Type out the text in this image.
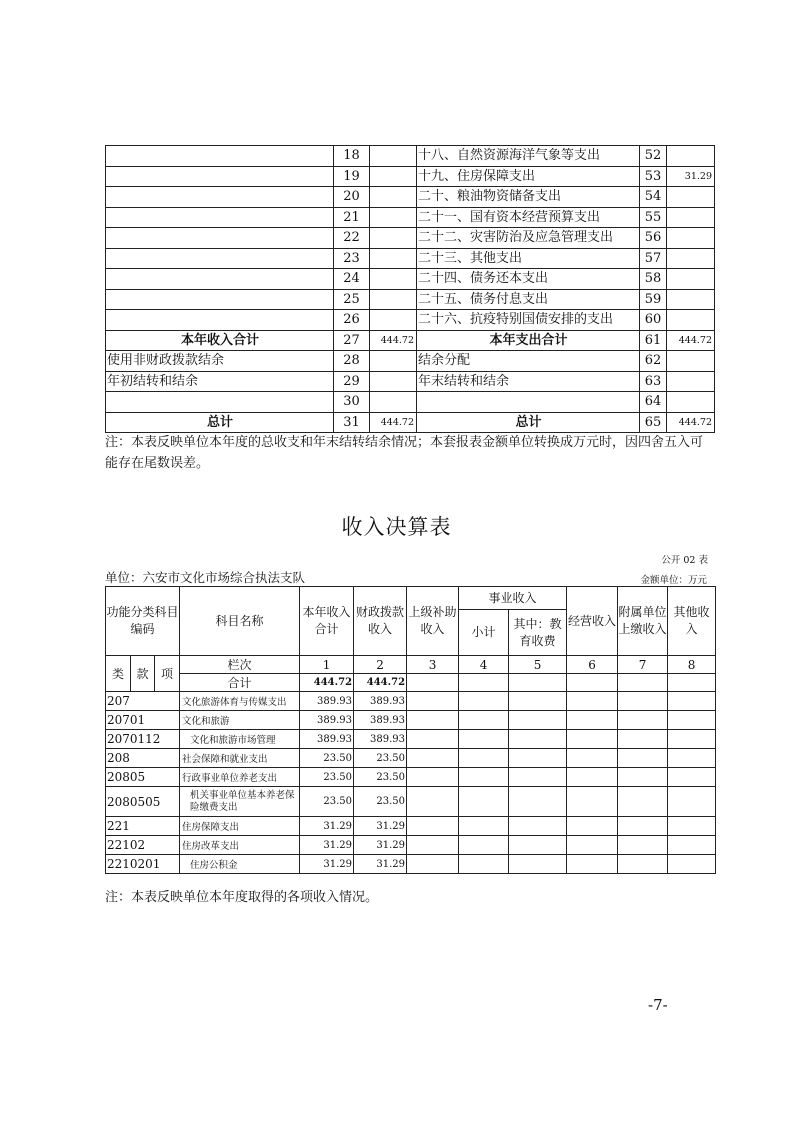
	18		十八、自然资源海洋气象等支出	52	
	19		十九、住房保障支出	53	31.29
	20		二十、粮油物资储备支出	54	
	21		二十一、国有资本经营预算支出	55	
	22		二十二、灾害防治及应急管理支出	56	
	23		二十三、其他支出	57	
	24		二十四、债务还本支出	58	
	25		二十五、债务付息支出	59	
	26		二十六、抗疫特别国债安排的支出	60	
本年收入合计	27	444.72	本年支出合计	61	444.72
使用非财政拨款结余	28		结余分配	62	
年初结转和结余	29		年末结转和结余	63	
	30			64	
总计	31	444.72	总计	65	444.72
注：本表反映单位本年度的总收支和年末结转结余情况；本套报表金额单位转换成万元时，因四舍五入可能存在尾数误差。
收入决算表
公开 02 表
单位：六安市文化市场综合执法支队	金额单位：万元
功能分类科目编码			科目名称	本年收入合计	财政拨款收入	上级补助收入	事业收入		经营收入	附属单位上缴收入	其他收入
							小计	其中：教育收费			
类	款	项	栏次	1	2	3	4	5	6	7	8
			合计	444.72	444.72						
207			文化旅游体育与传媒支出	389.93	389.93						
20701			文化和旅游	389.93	389.93						
2070112			文化和旅游市场管理	389.93	389.93						
208			社会保障和就业支出	23.50	23.50						
20805			行政事业单位养老支出	23.50	23.50						
2080505			机关事业单位基本养老保险缴费支出	23.50	23.50						
221			住房保障支出	31.29	31.29						
22102			住房改革支出	31.29	31.29						
2210201			住房公积金	31.29	31.29						
注：本表反映单位本年度取得的各项收入情况。
-7-
